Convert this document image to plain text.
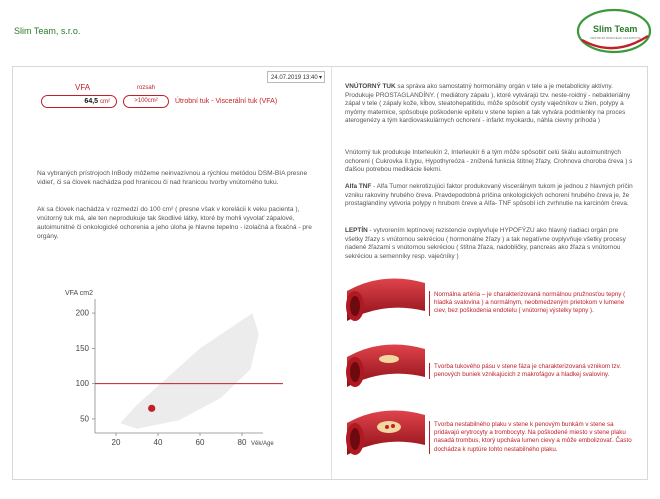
Slim Team, s.r.o.	Slim Team
CENTRUM ZDRAVÉHO CHUDNUTIA
24.07.2019 13:40 ▾
VFA	rozsah
64,5 cm²	>100cm²	Útrobní tuk - Viscerální tuk (VFA)
Na vybraných prístrojoch InBody môžeme neinvazívnou a rýchlou metódou DSM-BIA presne vidieť, či sa človek nachádza pod hranicou či nad hranicou tvorby vnútorného tuku.
Ak sa človek nachádza v rozmedzí do 100 cm² ( presne však v korelácii k veku pacienta ), vnútorný tuk má, ale ten neprodukuje tak škodlivé látky, ktoré by mohli vyvolať zápalové, autoimunitné či onkologické ochorenia a jeho úloha je hlavne tepelno - izolačná a fixačná - pre orgány.
VFA cm2
Věk/Age
50
100
150
200
20	40	60	80
VNÚTORNÝ TUK sa správa ako samostatný hormonálny orgán v tele a je metabolicky aktívny. Produkuje PROSTAGLANDÍNY. ( mediátory zápalu ), ktoré vytvárajú tzv. neste-roidný - nebakteriálny zápal v tele ( zápaly kože, kĺbov, steatohepatitídu, môže spôsobiť cysty vaječníkov u žien, polypy a myómy maternice, spôsobuje poškodenie epitelu v stene tepien a tak vytvára podmienky na proces aterogenézy a tým kardiovaskulárnych ochorení - infarkt myokardu, náhla cievny príhoda )
Vnútorný tuk produkuje Interleukín 2, Interleukír 6 a tým môže spôsobiť celú škálu autoimunitných ochorení ( Cukrovka II.typu, Hypothyreóza - znížená funkcia štítnej žľazy, Crohnova choroba čreva ) s ďalšou potrebou medikácie liekmi.
Alfa TNF - Alfa Tumor nekrotizujúci faktor produkovaný viscerálnym tukom je jednou z hlavných príčin vzniku rakoviny hrubého čreva. Pravdepodobná príčina onkologických ochorení hrubého čreva je, že prostaglandíny vytvoria polypy n hrubom čreve a Alfa- TNF spôsobí ich zvrhnutie na karcinóm čreva.
LEPTÍN - vytvorením leptínovej rezistencie ovplyvňuje HYPOFÝZU ako hlavný riadiaci orgán pre všetky žľazy s vnútornou sekréciou ( hormonálne žľazy ) a tak negatívne ovplyvňuje všetky procesy riadené žľazami s vnútornou sekréciou ( štítna žľaza, nadobličky, pancreas ako žľaza s vnútornou sekréciou a semenníky resp. vaječníky )
Normálna artéria – je charakterizovaná normálnou pružnosťou tepny ( hladká svalovina ) a normálnym, neobmedzeným prietokom v lumene ciev, bez poškodenia endotelu ( vnútornej výstelky tepny ).
Tvorba tukového pásu v stene fáza je charakterizovaná vznikom tzv. penových buniek vznikajúcich z makrofágov a hladkej svaloviny.
Tvorba nestabilného plaku v stene k penovým bunkám v stene sa pridávajú erytrocyty a trombocyty. Na poškodené miesto v stene plaku nasadá trombus, ktorý upcháva lumen cievy a môže embolizovať. Často dochádza k ruptúre tohto nestabilného plaku.
